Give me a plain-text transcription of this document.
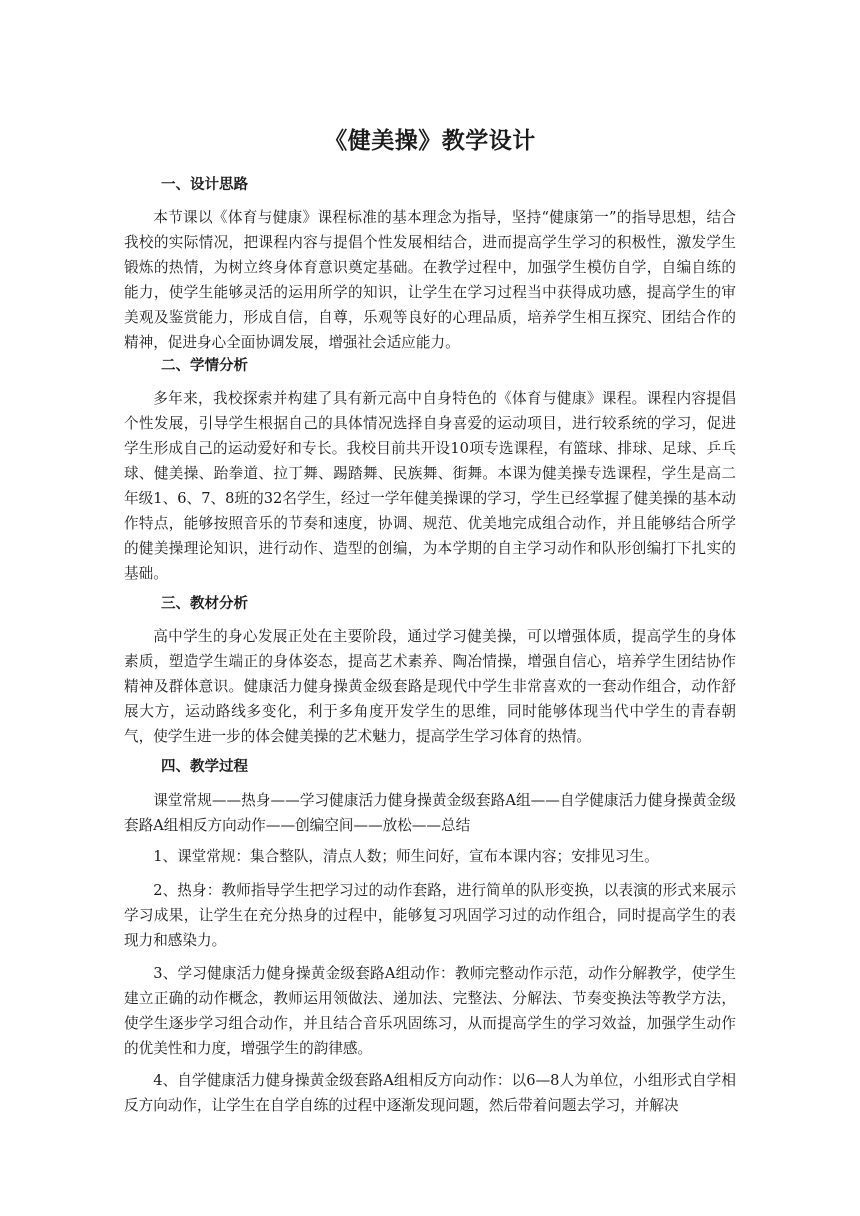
《健美操》教学设计
一、设计思路

本节课以《体育与健康》课程标准的基本理念为指导，坚持“健康第一”的指导思想，结合我校的实际情况，把课程内容与提倡个性发展相结合，进而提高学生学习的积极性，激发学生锻炼的热情，为树立终身体育意识奠定基础。在教学过程中，加强学生模仿自学，自编自练的能力，使学生能够灵活的运用所学的知识，让学生在学习过程当中获得成功感，提高学生的审美观及鉴赏能力，形成自信，自尊，乐观等良好的心理品质，培养学生相互探究、团结合作的精神，促进身心全面协调发展，增强社会适应能力。

二、学情分析

多年来，我校探索并构建了具有新元高中自身特色的《体育与健康》课程。课程内容提倡个性发展，引导学生根据自己的具体情况选择自身喜爱的运动项目，进行较系统的学习，促进学生形成自己的运动爱好和专长。我校目前共开设10项专选课程，有篮球、排球、足球、乒乓球、健美操、跆拳道、拉丁舞、踢踏舞、民族舞、街舞。本课为健美操专选课程，学生是高二年级1、6、7、8班的32名学生，经过一学年健美操课的学习，学生已经掌握了健美操的基本动作特点，能够按照音乐的节奏和速度，协调、规范、优美地完成组合动作，并且能够结合所学的健美操理论知识，进行动作、造型的创编，为本学期的自主学习动作和队形创编打下扎实的基础。

三、教材分析

高中学生的身心发展正处在主要阶段，通过学习健美操，可以增强体质，提高学生的身体素质，塑造学生端正的身体姿态，提高艺术素养、陶冶情操，增强自信心，培养学生团结协作精神及群体意识。健康活力健身操黄金级套路是现代中学生非常喜欢的一套动作组合，动作舒展大方，运动路线多变化，利于多角度开发学生的思维，同时能够体现当代中学生的青春朝气，使学生进一步的体会健美操的艺术魅力，提高学生学习体育的热情。

四、教学过程

课堂常规——热身——学习健康活力健身操黄金级套路A组——自学健康活力健身操黄金级套路A组相反方向动作——创编空间——放松——总结

1、课堂常规：集合整队，清点人数；师生问好，宣布本课内容；安排见习生。

2、热身：教师指导学生把学习过的动作套路，进行简单的队形变换，以表演的形式来展示学习成果，让学生在充分热身的过程中，能够复习巩固学习过的动作组合，同时提高学生的表现力和感染力。

3、学习健康活力健身操黄金级套路A组动作：教师完整动作示范，动作分解教学，使学生建立正确的动作概念，教师运用领做法、递加法、完整法、分解法、节奏变换法等教学方法，使学生逐步学习组合动作，并且结合音乐巩固练习，从而提高学生的学习效益，加强学生动作的优美性和力度，增强学生的韵律感。

4、自学健康活力健身操黄金级套路A组相反方向动作：以6—8人为单位，小组形式自学相反方向动作，让学生在自学自练的过程中逐渐发现问题，然后带着问题去学习，并解决
